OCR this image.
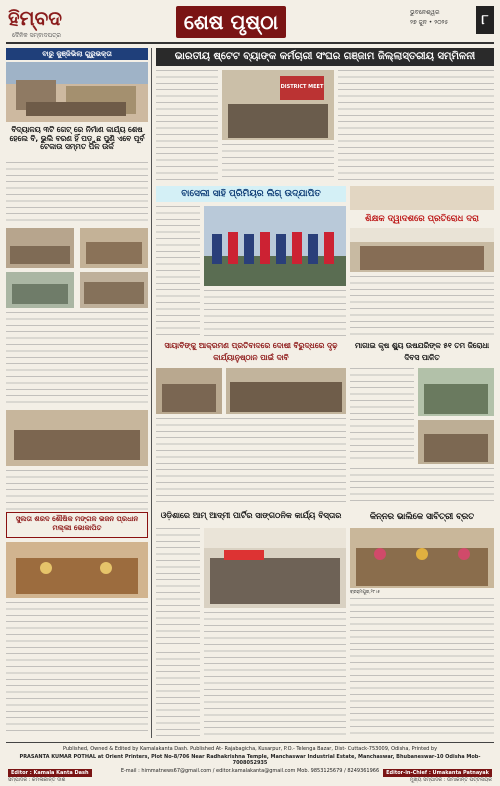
ହିମ୍ବଦ
ଦୈନିକ ସମ୍ବାଦପତ୍ର
ଶେଷ ପୃଷ୍ଠା	ଭୁବନେଶ୍ୱର
୨୭ ଜୁନ • ୨୦୨୫	୮
ବାରୁ କୁଞ୍ଜିଭିଲା ଗୁରୁଭକ୍ତା
ବିଦ୍ୟାଳୟ ୩ଟି ଗେଟ୍ ରେ ନିର୍ମାଣ କାର୍ଯ୍ୟ ଶେଷ ହେଲେ ବି, ଭୁଲି ବରଣ ହିଁ ପଡ଼ୁଛ ପୁଣି ଏବେ ପୂର୍ବ ଟେକାଉ ସମ୍ମତ ପିଳ ଉର୍କ
ସୁଲତା ଶରଦ ଶୌଷିକ ମଙ୍ଗଳ ଭଜନ ପ୍ରଧାନ ମଲ୍ଲୀ ଭୋକାପିତ
ଭାରତୀୟ ଷ୍ଟେଟ ବ୍ୟାଙ୍କ କର୍ମଚାରୀ ସଂଘର ଗଞ୍ଜାମ ଜିଲ୍ଲାସ୍ତରୀୟ ସମ୍ମିଳନୀ
DISTRICT MEET
ବାସେଲୀ ସାହି ପ୍ରିମିୟର ଲିଗ୍ ଉଦ୍‌ଯାପିତ
ଶିକ୍ଷକ ଦ୍ୱାଦଶରେ ପ୍ରତିରୋଧ ଦରା
ସାୟାବିଙ୍କୁ ଆକ୍ରମଣ ପ୍ରତିବାଦରେ ଦୋଷୀ ବିରୁଦ୍ଧରେ ଦୃଢ଼ କାର୍ଯ୍ୟାନୁଷ୍ଠାନ ପାଇଁ ଦାବି
ମାଗାଇ କୃଷ ଶ୍ୟୁ ଉଷଯରିଙ୍କ ୫୧ ତମ ଜିରୋଧା ଦିବସ ପାଳିତ
ଓଡ଼ିଶାରେ ଆମ୍ ଆଦ୍‌ମୀ ପାର୍ଟିର ସାଙ୍ଗଠନିକ କାର୍ଯ୍ୟ ବିସ୍ତାର	କିନ୍ନର ଭାଲିକେ ସାବିତ୍ରୀ ବ୍ରତ
ବ୍ରହ୍ମପୁର,୨୮।୫
Published, Owned & Edited by Kamalakanta Dash. Published At- Rajabagicha, Kusarpur, P.O.- Telenga Bazar, Dist- Cuttack-753009, Odisha, Printed by
PRASANTA KUMAR POTHAL at Orient Printers, Plot No-8/706 Near Radhakrishna Temple, Manchaswar Industrial Estate, Manchaswar, Bhubaneswar-10 Odisha Mob-7008052935
E-mail : himmatnews67@gmail.com / editor.kamalakanta@gmail.com Mob. 9853125679 / 8249361966
Editor : Kamala Kanta Dash
ସମ୍ପାଦକ : କମଳାକାନ୍ତ ଦାଶ
Editor-in-Chief : Umakanta Patnayak
ମୁଖ୍ୟ ସମ୍ପାଦକ : ଉମାକାନ୍ତ ପଟ୍ଟନାୟକ
